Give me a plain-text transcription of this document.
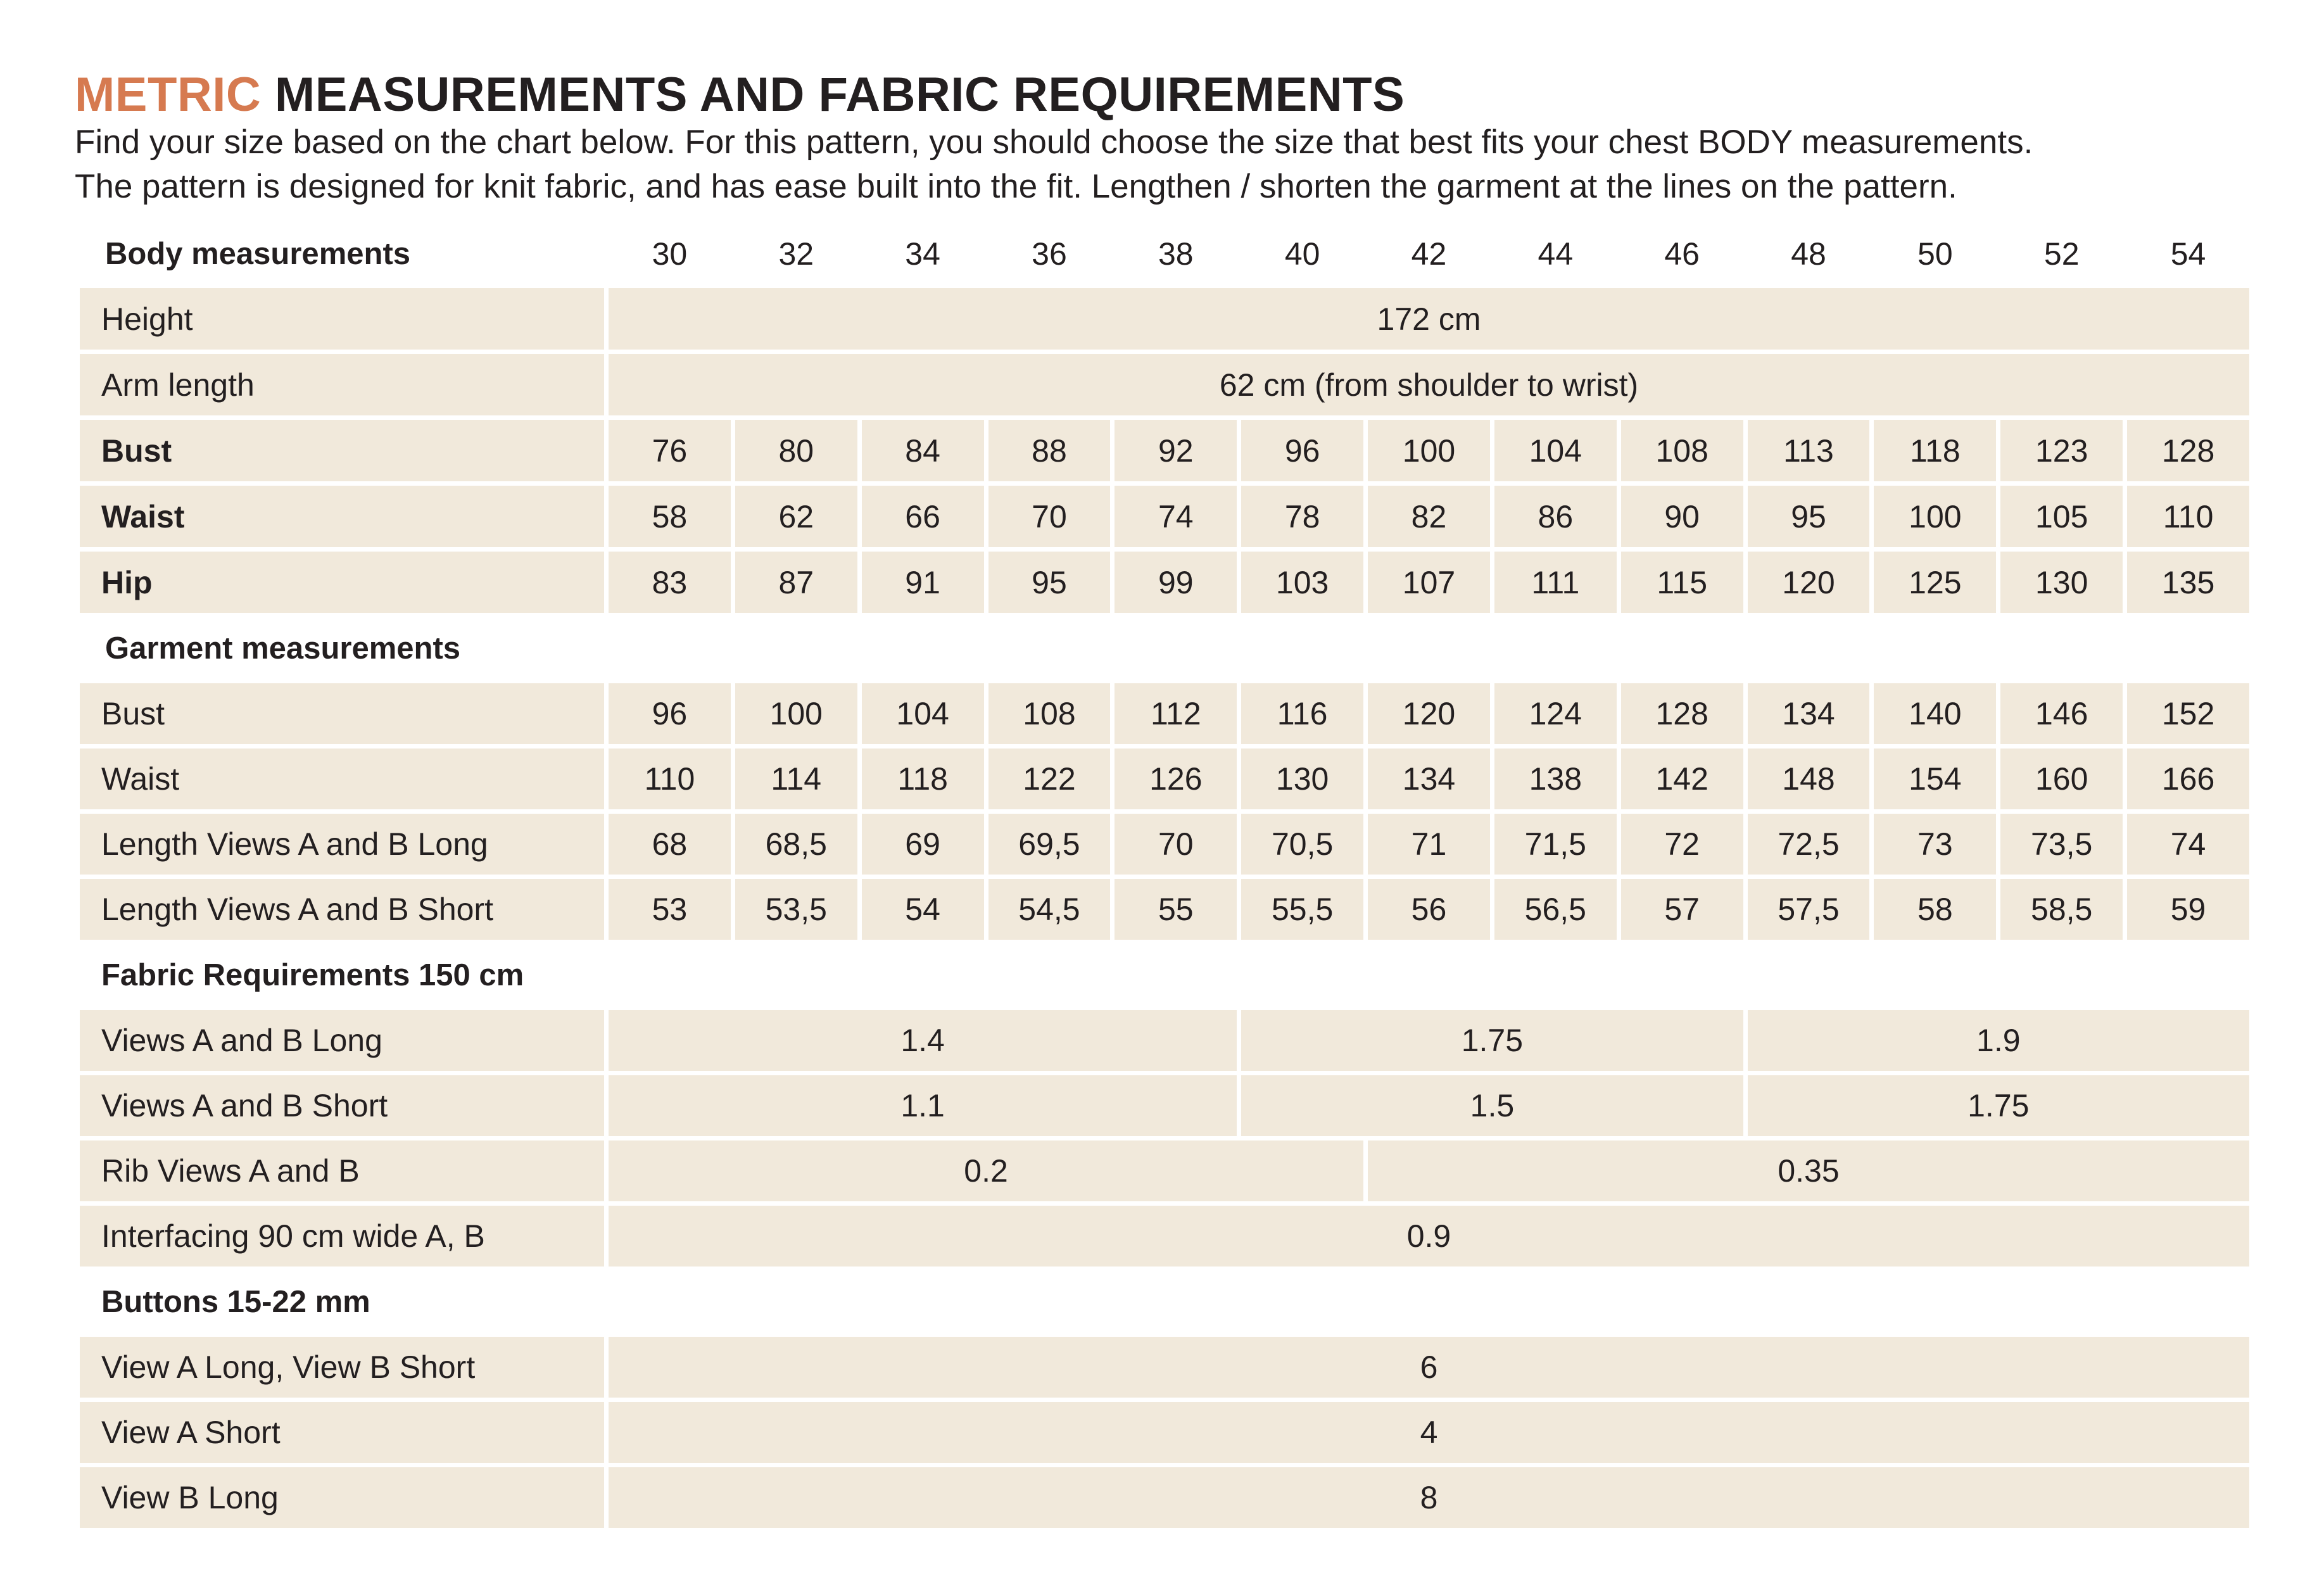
METRIC MEASUREMENTS AND FABRIC REQUIREMENTS
Find your size based on the chart below. For this pattern, you should choose the size that best fits your chest BODY measurements.
The pattern is designed for knit fabric, and has ease built into the fit. Lengthen / shorten the garment at the lines on the pattern.
Body measurements	30	32	34	36	38	40	42	44	46	48	50	52	54
Height	172 cm												
Arm length	62 cm (from shoulder to wrist)												
Bust	76	80	84	88	92	96	100	104	108	113	118	123	128
Waist	58	62	66	70	74	78	82	86	90	95	100	105	110
Hip	83	87	91	95	99	103	107	111	115	120	125	130	135
Garment measurements													
Bust	96	100	104	108	112	116	120	124	128	134	140	146	152
Waist	110	114	118	122	126	130	134	138	142	148	154	160	166
Length Views A and B Long	68	68,5	69	69,5	70	70,5	71	71,5	72	72,5	73	73,5	74
Length Views A and B Short	53	53,5	54	54,5	55	55,5	56	56,5	57	57,5	58	58,5	59
Fabric Requirements 150 cm													
Views A and B Long	1.4					1.75				1.9			
Views A and B Short	1.1					1.5				1.75			
Rib Views A and B	0.2						0.35						
Interfacing 90 cm wide A, B	0.9												
Buttons 15-22 mm													
View A Long, View B Short	6												
View A Short	4												
View B Long	8												
